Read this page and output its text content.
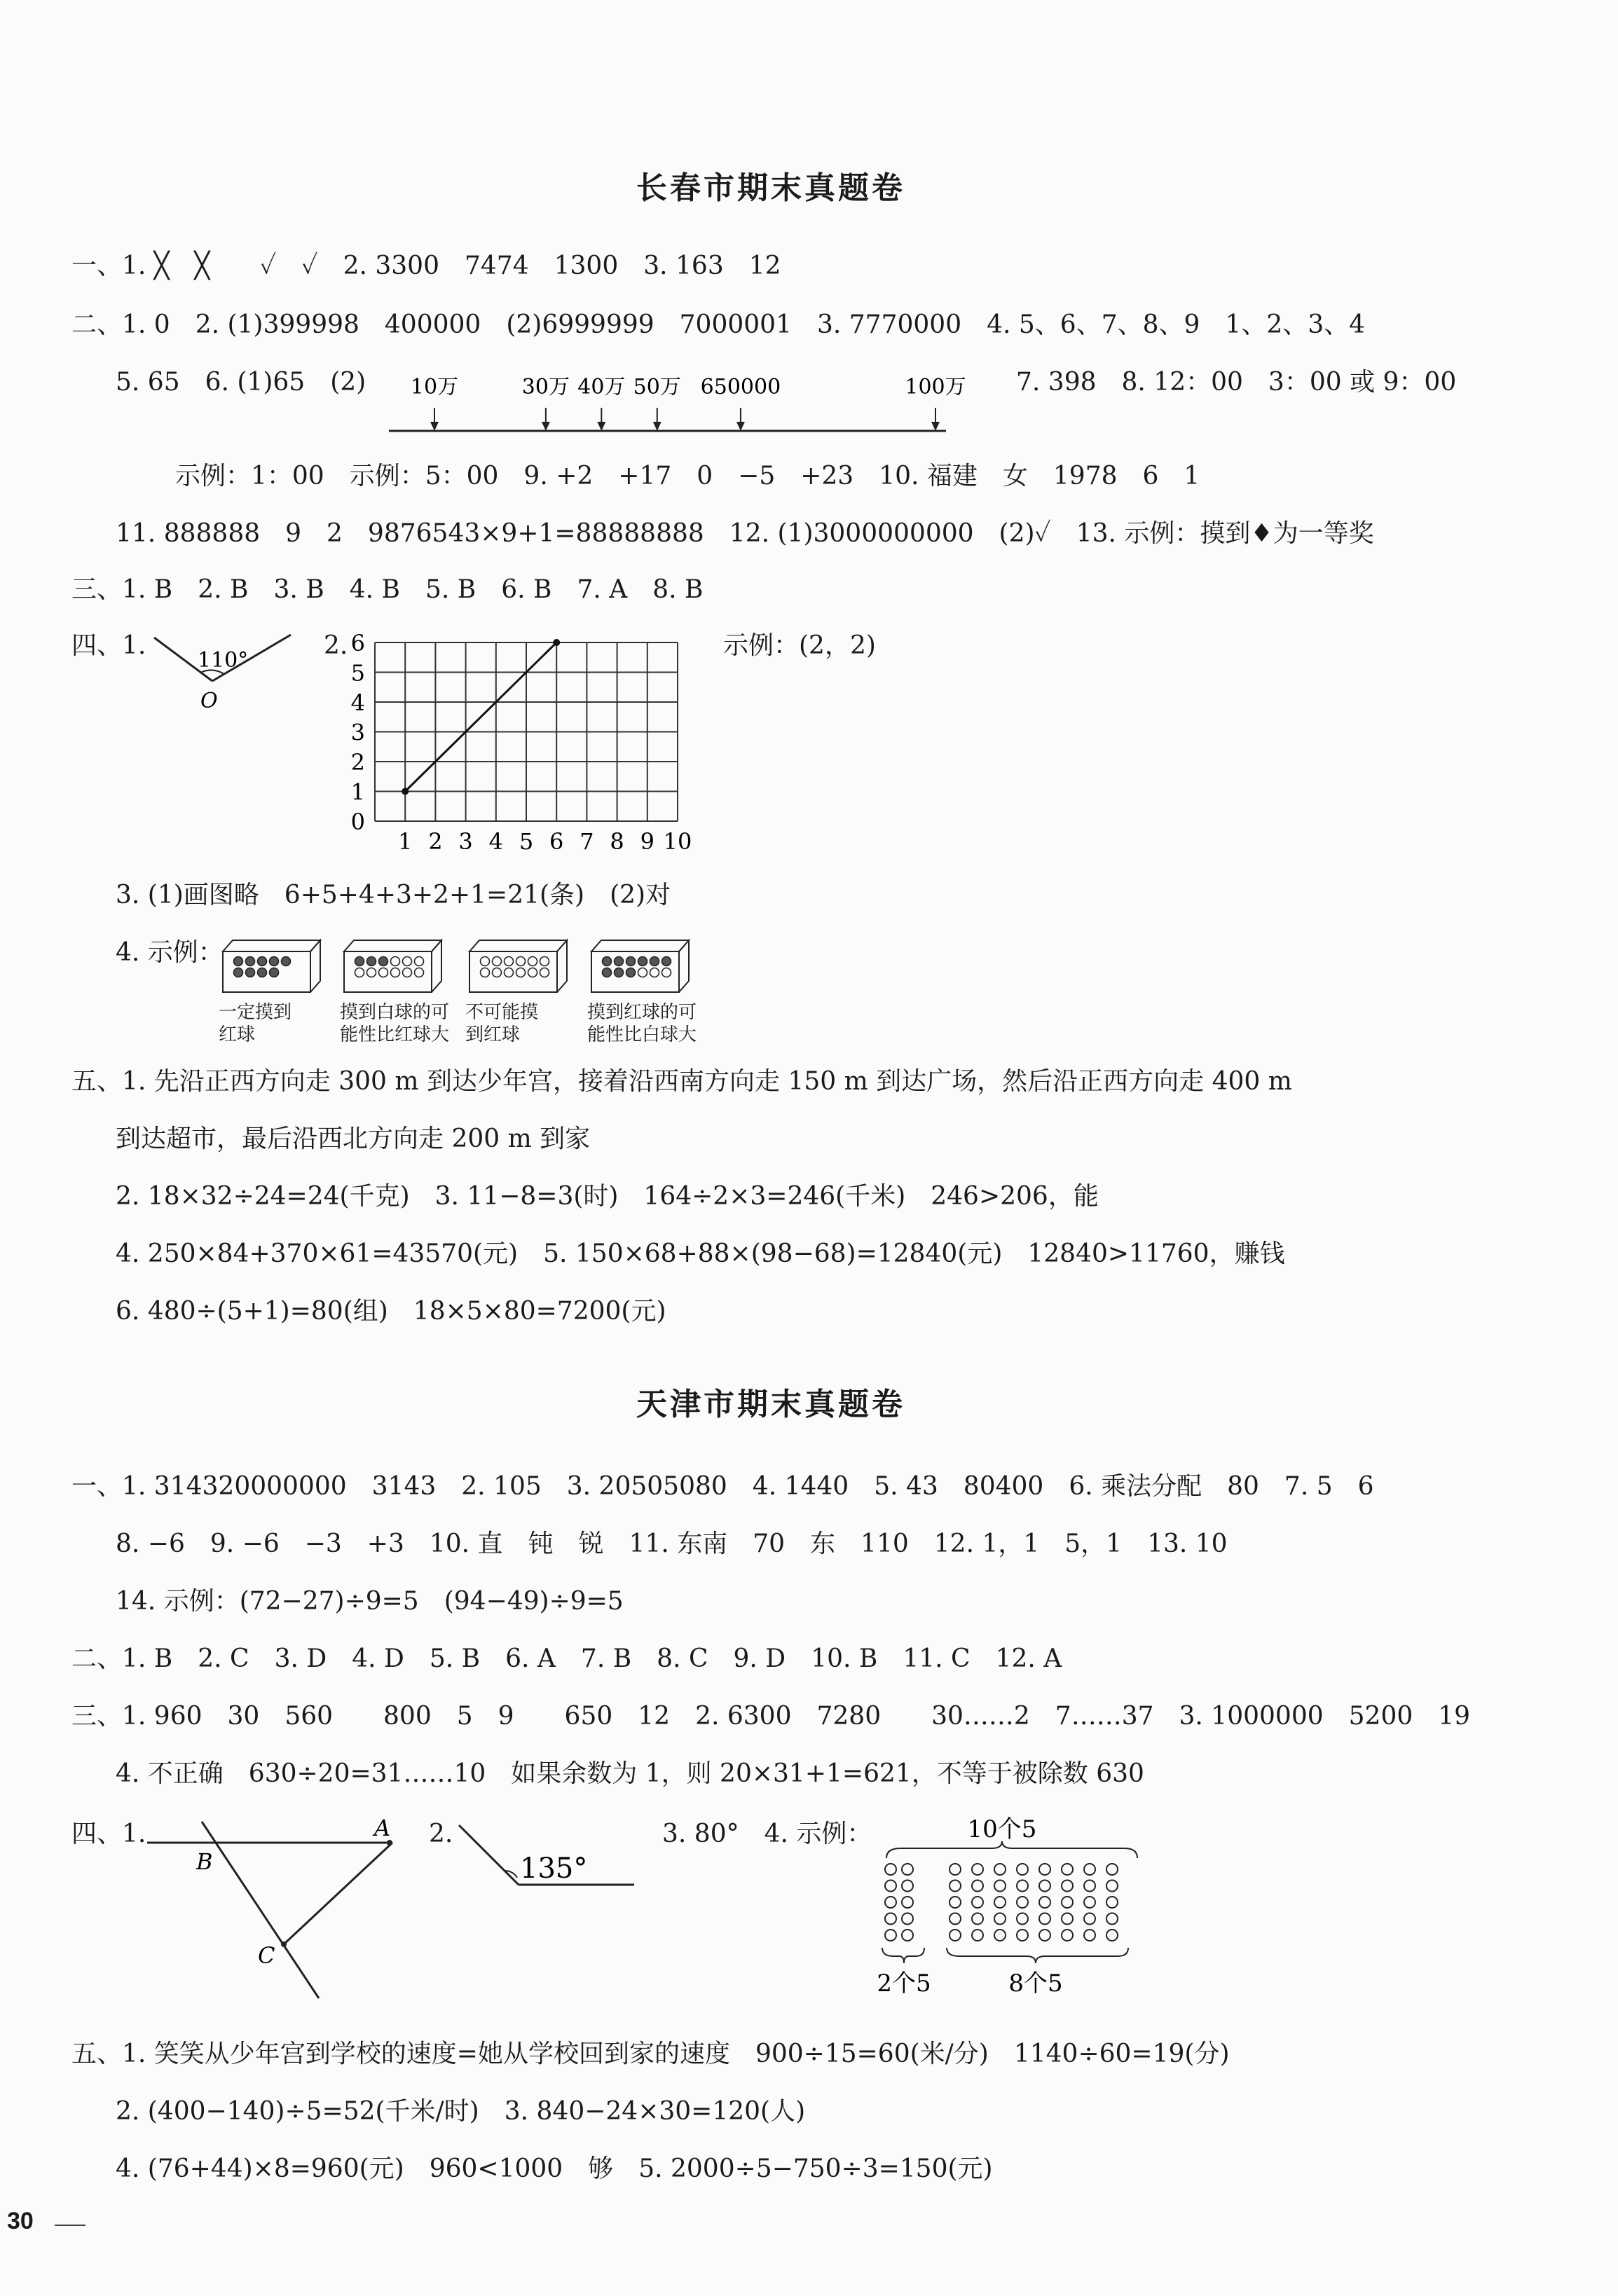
长春市期末真题卷
一、1. ╳　╳　　✓　✓　2. 3300　7474　1300　3. 163　12
二、1. 0　2. (1)399998　400000　(2)6999999　7000001　3. 7770000　4. 5、6、7、8、9　1、2、3、4
5. 65　6. (1)65　(2)	7. 398　8. 12：00　3：00 或 9：00
10万	30万 40万 50万 650000	100万
示例：1：00　示例：5：00　9. +2　+17　0　−5　+23　10. 福建　女　1978　6　1
11. 888888　9　2　9876543×9+1=88888888　12. (1)3000000000　(2)✓　13. 示例：摸到♦为一等奖
三、1. B　2. B　3. B　4. B　5. B　6. B　7. A　8. B
四、1.
110°
O
2.
1 2 3 4 5 6 7 8 9 10
0
1
2
3
4
5
6	示例：(2，2)
3. (1)画图略　6+5+4+3+2+1=21(条)　(2)对
4. 示例：
一定摸到
红球
摸到白球的可
能性比红球大
不可能摸
到红球
摸到红球的可
能性比白球大
五、1. 先沿正西方向走 300 m 到达少年宫，接着沿西南方向走 150 m 到达广场，然后沿正西方向走 400 m
到达超市，最后沿西北方向走 200 m 到家
2. 18×32÷24=24(千克)　3. 11−8=3(时)　164÷2×3=246(千米)　246>206，能
4. 250×84+370×61=43570(元)　5. 150×68+88×(98−68)=12840(元)　12840>11760，赚钱
6. 480÷(5+1)=80(组)　18×5×80=7200(元)
天津市期末真题卷
一、1. 314320000000　3143　2. 105　3. 20505080　4. 1440　5. 43　80400　6. 乘法分配　80　7. 5　6
8. −6　9. −6　−3　+3　10. 直　钝　锐　11. 东南　70　东　110　12. 1，1　5，1　13. 10
14. 示例：(72−27)÷9=5　(94−49)÷9=5
二、1. B　2. C　3. D　4. D　5. B　6. A　7. B　8. C　9. D　10. B　11. C　12. A
三、1. 960　30　560　　800　5　9　　650　12　2. 6300　7280　　30……2　7……37　3. 1000000　5200　19
4. 不正确　630÷20=31……10　如果余数为 1，则 20×31+1=621，不等于被除数 630
四、1.	A
B
C
2.
135°
3. 80°　4. 示例：	10个5
2个5	8个5
五、1. 笑笑从少年宫到学校的速度=她从学校回到家的速度　900÷15=60(米/分)　1140÷60=19(分)
2. (400−140)÷5=52(千米/时)　3. 840−24×30=120(人)
4. (76+44)×8=960(元)　960<1000　够　5. 2000÷5−750÷3=150(元)
30
